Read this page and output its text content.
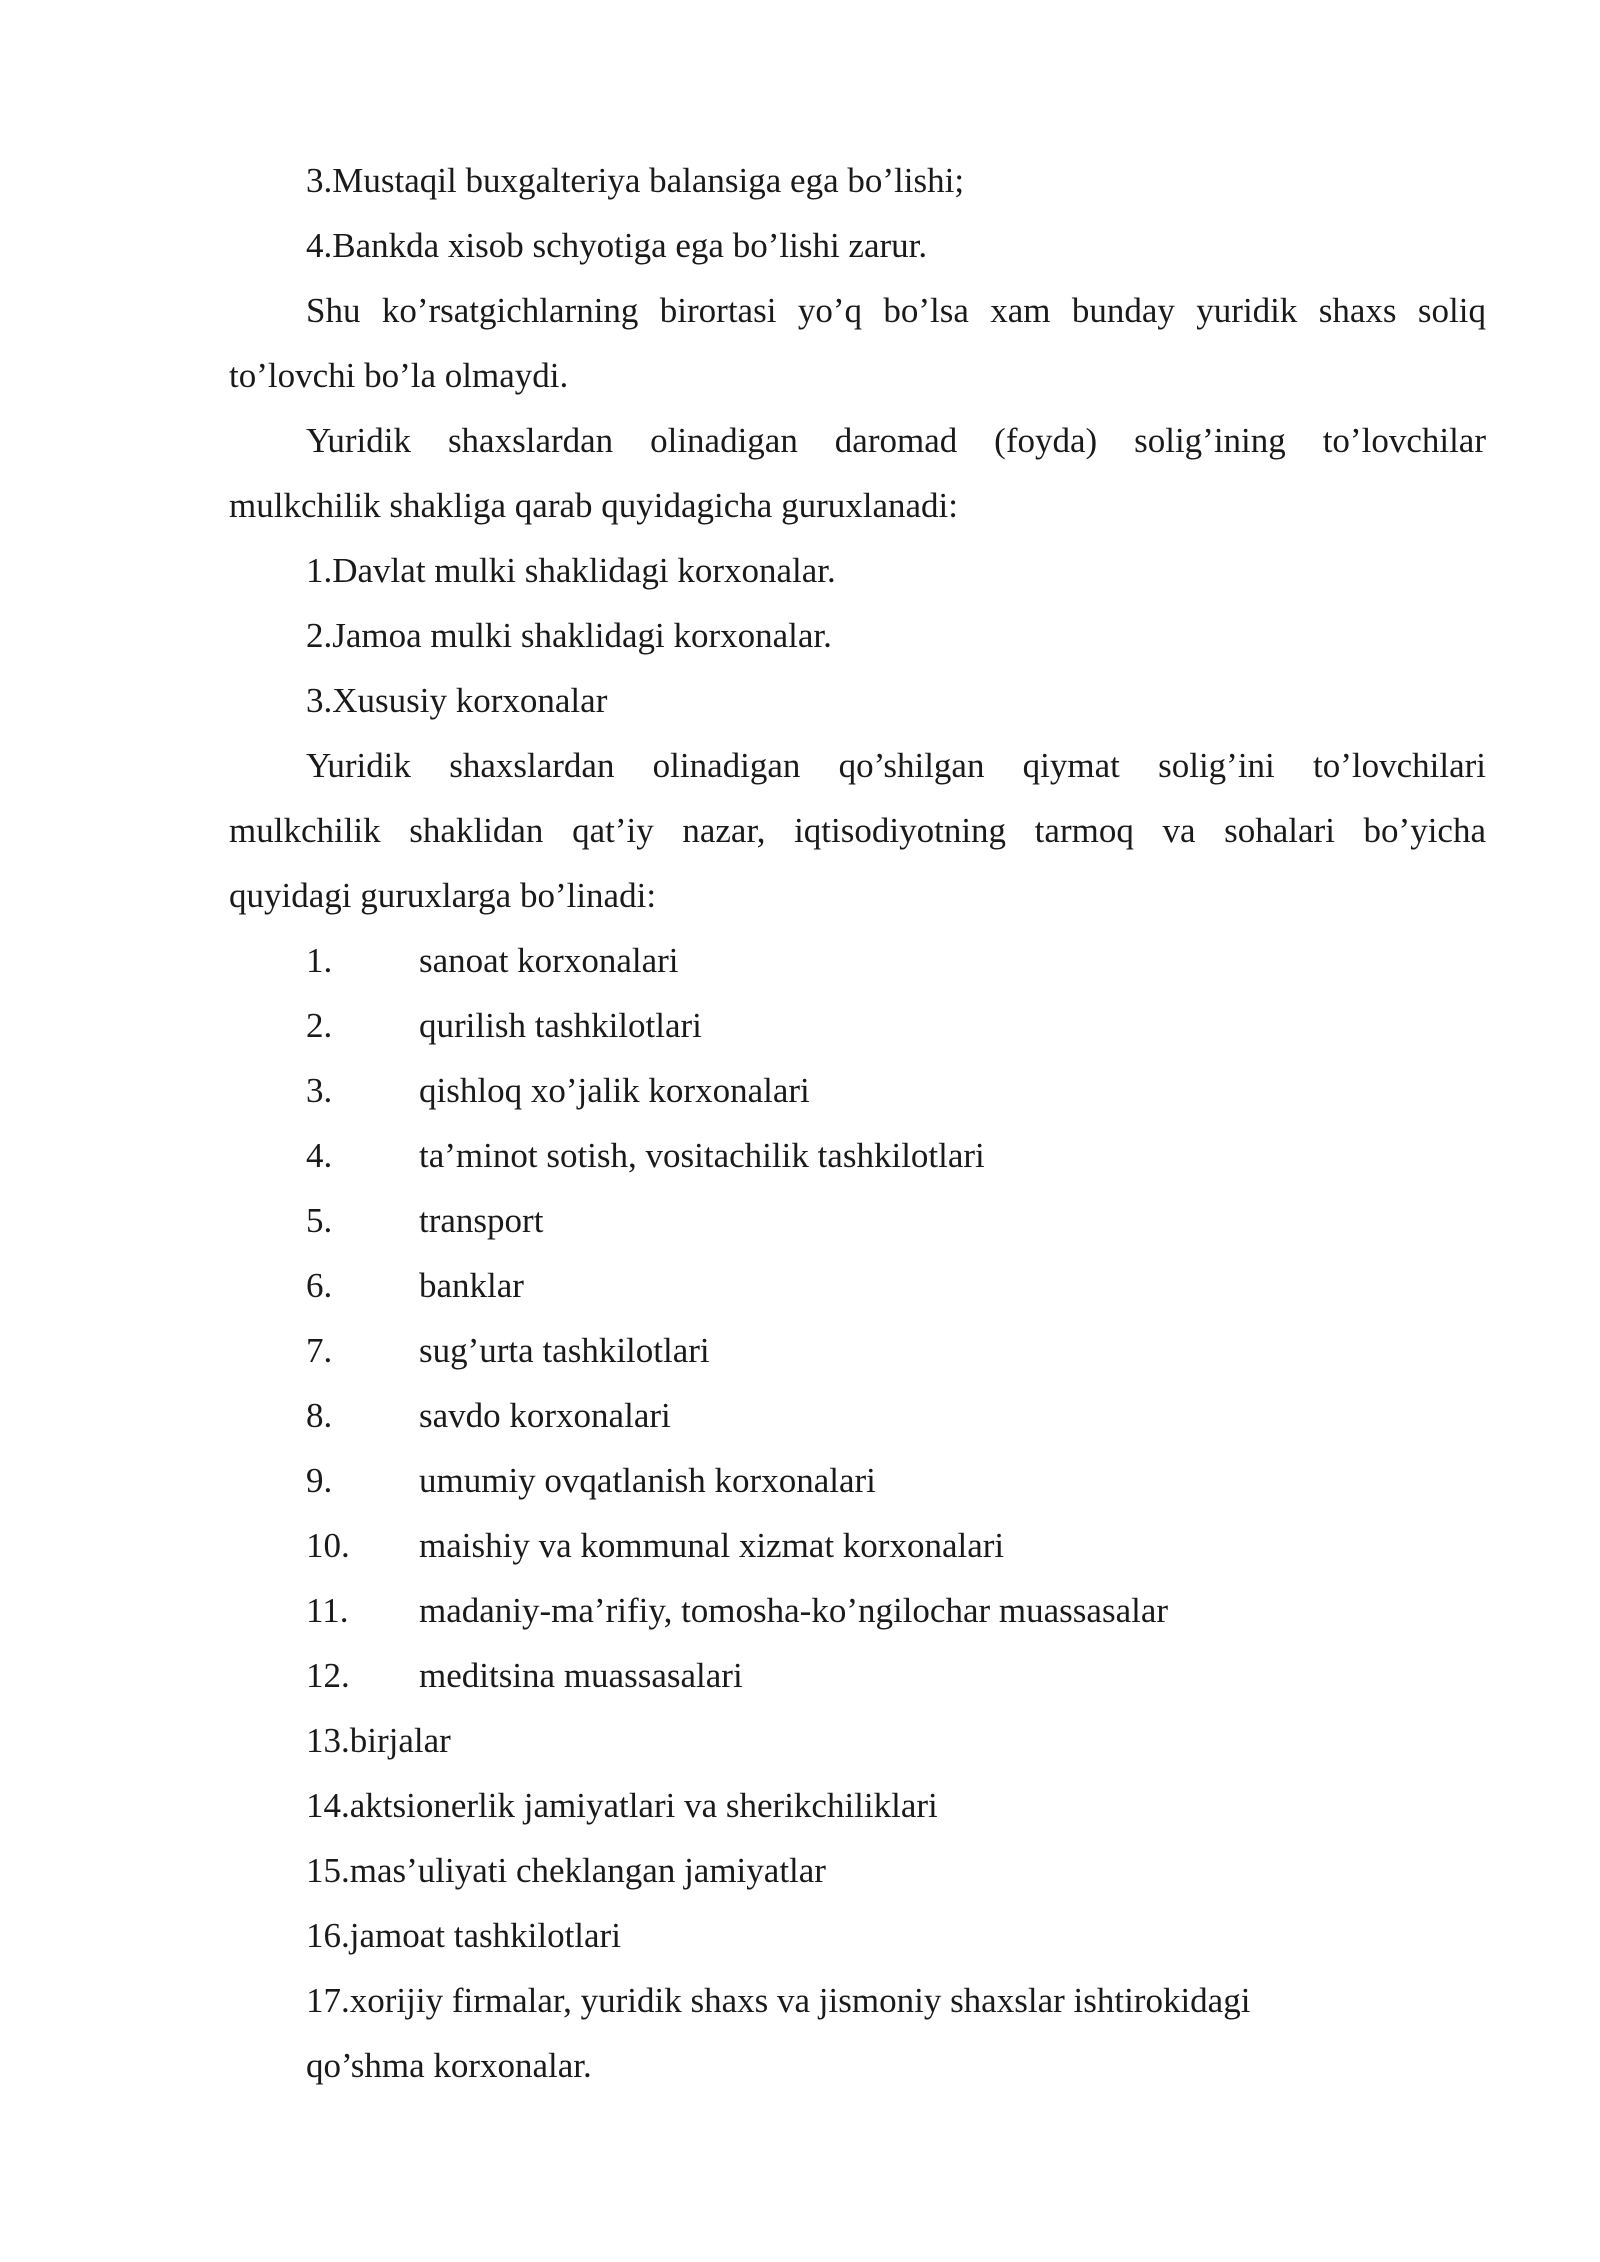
3.Mustaqil buxgalteriya balansiga ega bo’lishi;

4.Bankda xisob schyotiga ega bo’lishi zarur.

Shu ko’rsatgichlarning birortasi yo’q bo’lsa xam bunday yuridik shaxs soliq

to’lovchi bo’la olmaydi.

Yuridik shaxslardan olinadigan daromad (foyda) solig’ining to’lovchilar

mulkchilik shakliga qarab quyidagicha guruxlanadi:

1.Davlat mulki shaklidagi korxonalar.

2.Jamoa mulki shaklidagi korxonalar.

3.Xususiy korxonalar

Yuridik shaxslardan olinadigan qo’shilgan qiymat solig’ini to’lovchilari

mulkchilik shaklidan qat’iy nazar, iqtisodiyotning tarmoq va sohalari bo’yicha

quyidagi guruxlarga bo’linadi:

1.	sanoat korxonalari
2.	qurilish tashkilotlari
3.	qishloq xo’jalik korxonalari
4.	ta’minot sotish, vositachilik tashkilotlari
5.	transport
6.	banklar
7.	sug’urta tashkilotlari
8.	savdo korxonalari
9.	umumiy ovqatlanish korxonalari
10.	maishiy va kommunal xizmat korxonalari
11.	madaniy-ma’rifiy, tomosha-ko’ngilochar muassasalar
12.	meditsina muassasalari

13.birjalar

14.aktsionerlik jamiyatlari va sherikchiliklari

15.mas’uliyati cheklangan jamiyatlar

16.jamoat tashkilotlari

17.xorijiy firmalar, yuridik shaxs va jismoniy shaxslar ishtirokidagi

qo’shma korxonalar.
